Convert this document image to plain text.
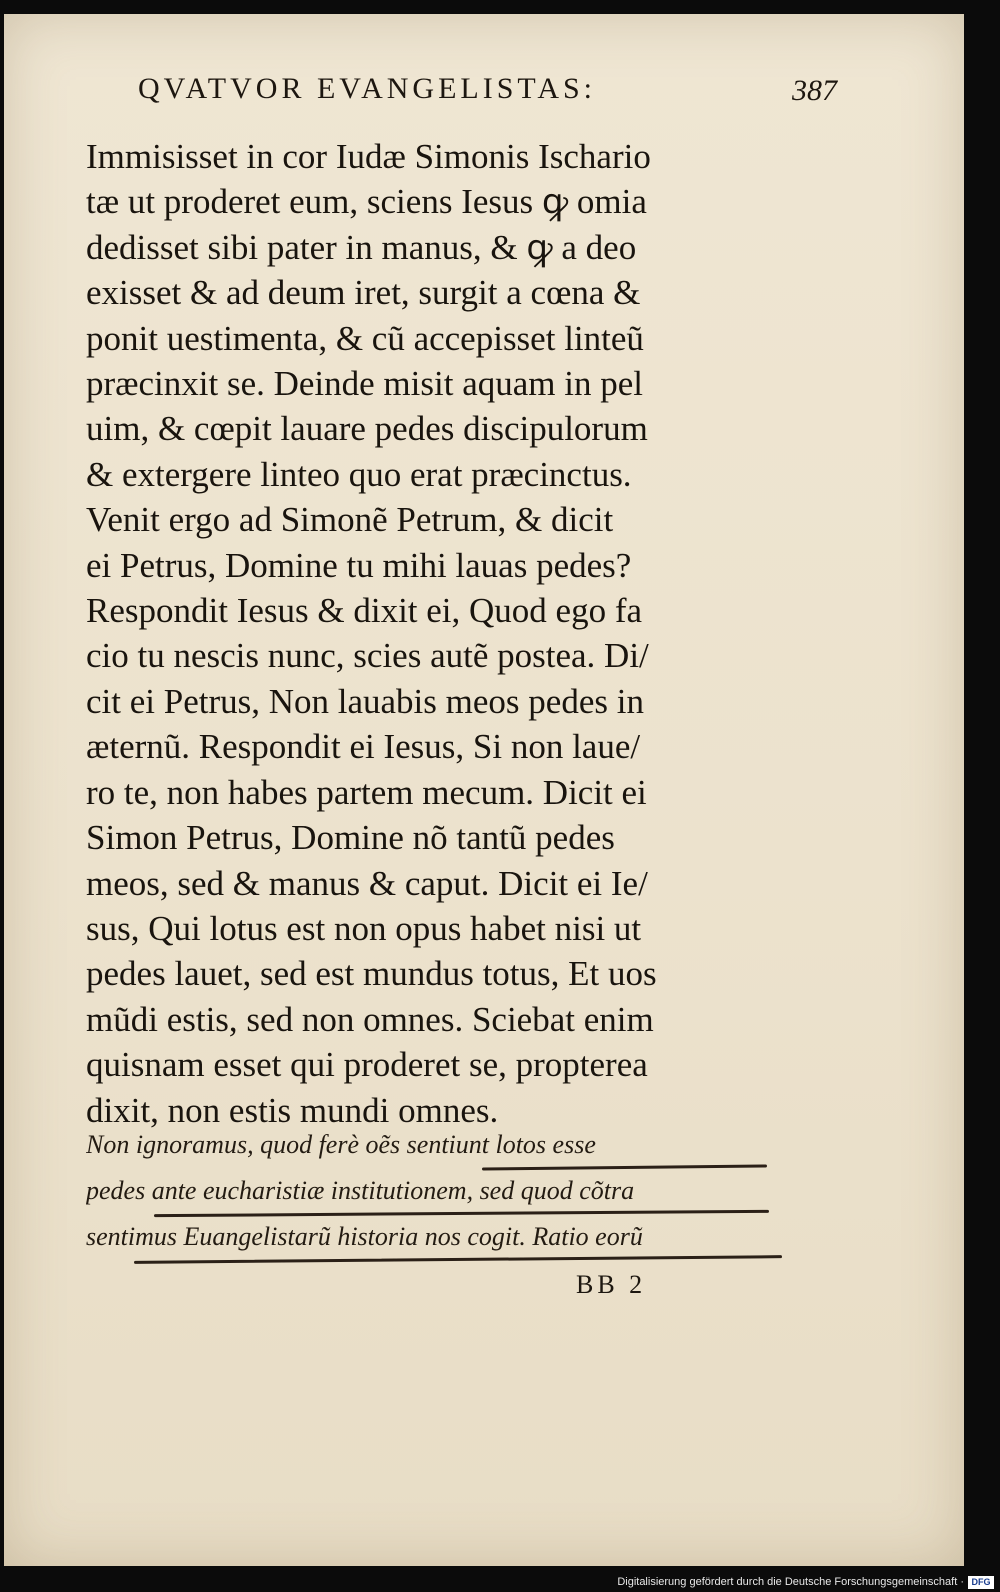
QVATVOR EVANGELISTAS:	387
Immisisset in cor Iudæ Simonis Ischario
tæ ut proderet eum, sciens Iesus ꝙ omia
dedisset sibi pater in manus, & ꝙ a deo
exisset & ad deum iret, surgit a cœna &
ponit uestimenta, & cũ accepisset linteũ
præcinxit se. Deinde misit aquam in pel
uim, & cœpit lauare pedes discipulorum
& extergere linteo quo erat præcinctus.
Venit ergo ad Simonẽ Petrum, & dicit
ei Petrus, Domine tu mihi lauas pedes?
Respondit Iesus & dixit ei, Quod ego fa
cio tu nescis nunc, scies autẽ postea. Di/
cit ei Petrus, Non lauabis meos pedes in
æternũ. Respondit ei Iesus, Si non laue/
ro te, non habes partem mecum. Dicit ei
Simon Petrus, Domine nõ tantũ pedes
meos, sed & manus & caput. Dicit ei Ie/
sus, Qui lotus est non opus habet nisi ut
pedes lauet, sed est mundus totus, Et uos
mũdi estis, sed non omnes. Sciebat enim
quisnam esset qui proderet se, propterea
dixit, non estis mundi omnes.
Non ignoramus, quod ferè oẽs sentiunt lotos esse
pedes ante eucharistiæ institutionem, sed quod cõtra
sentimus Euangelistarũ historia nos cogit. Ratio eorũ
BB 2
Digitalisierung gefördert durch die Deutsche Forschungsgemeinschaft · DFG
